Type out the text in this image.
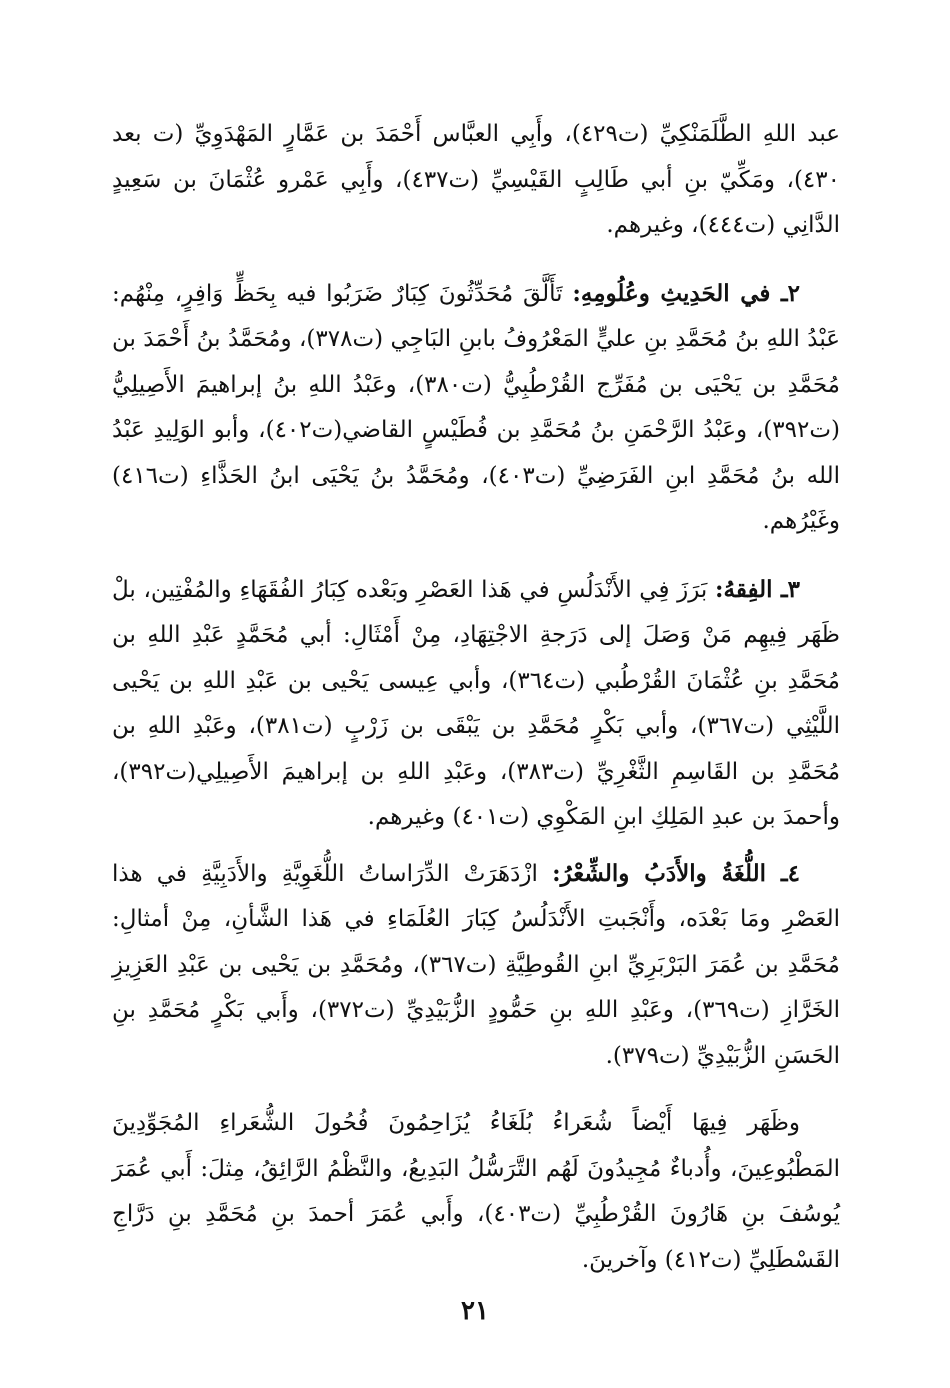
عبد اللهِ الطَّلَمَنْكِيِّ (ت٤٢٩)، وأَبِي العبَّاس أَحْمَدَ بن عَمَّارٍ المَهْدَوِيِّ (ت بعد ٤٣٠)، ومَكِّيّ بنِ أبي طَالِبٍ القَيْسِيِّ (ت٤٣٧)، وأَبِي عَمْرو عُثْمَانَ بن سَعِيدٍ الدَّانِي (ت٤٤٤)، وغيرهم.

٢ـ في الحَدِيثِ وعُلُومِهِ: تَأَلَّقَ مُحَدِّثُونَ كِبَارٌ ضَرَبُوا فيه بِحَظٍّ وَافِرٍ، مِنْهُم: عَبْدُ اللهِ بنُ مُحَمَّدِ بنِ عليٍّ المَعْرُوفُ بابنِ البَاجِي (ت٣٧٨)، ومُحَمَّدُ بنُ أَحْمَدَ بن مُحَمَّدِ بن يَحْيَى بن مُفَرِّج القُرْطُبِيُّ (ت٣٨٠)، وعَبْدُ اللهِ بنُ إبراهيمَ الأَصِيلِيُّ (ت٣٩٢)، وعَبْدُ الرَّحْمَنِ بنُ مُحَمَّدِ بن فُطَيْسٍ القاضي(ت٤٠٢)، وأبو الوَلِيدِ عَبْدُ الله بنُ مُحَمَّدِ ابنِ الفَرَضِيِّ (ت٤٠٣)، ومُحَمَّدُ بنُ يَحْيَى ابنُ الحَذَّاءِ (ت٤١٦) وغَيْرُهم.

٣ـ الفِقهُ: بَرَزَ فِي الأَنْدَلُسِ في هَذا العَصْرِ وبَعْده كِبَارُ الفُقَهَاءِ والمُفْتِين، بلْ ظَهَر فِيهِم مَنْ وَصَلَ إلى دَرَجةِ الاجْتِهَادِ، مِنْ أَمْثَالِ: أبي مُحَمَّدٍ عَبْدِ اللهِ بن مُحَمَّدِ بنِ عُثْمَانَ القُرْطُبي (ت٣٦٤)، وأبي عِيسى يَحْيى بن عَبْدِ اللهِ بن يَحْيى اللَّيْثِي (ت٣٦٧)، وأبي بَكْرٍ مُحَمَّدِ بن يَبْقَى بن زَرْبٍ (ت٣٨١)، وعَبْدِ اللهِ بن مُحَمَّدِ بن القَاسِمِ الثَّغْرِيِّ (ت٣٨٣)، وعَبْدِ اللهِ بن إبراهيمَ الأَصِيلِي(ت٣٩٢)، وأحمدَ بن عبدِ المَلِكِ ابنِ المَكْوِي (ت٤٠١) وغيرهم.

٤ـ اللُّغَةُ والأَدَبُ والشِّعْرُ: ازْدَهَرَتْ الدِّرَاساتُ اللُّغَوِيَّةِ والأَدَبِيَّةِ في هذا العَصْرِ ومَا بَعْدَه، وأَنْجَبتِ الأَنْدَلُسُ كِبَارَ العُلَمَاءِ في هَذا الشَّأنِ، مِنْ أمثالِ: مُحَمَّدِ بن عُمَرَ البَرْبَرِيِّ ابنِ القُوطِيَّةِ (ت٣٦٧)، ومُحَمَّدِ بن يَحْيى بن عَبْدِ العَزِيزِ الخَرَّازِ (ت٣٦٩)، وعَبْدِ اللهِ بنِ حَمُّودٍ الزُّبَيْدِيِّ (ت٣٧٢)، وأَبي بَكْرٍ مُحَمَّدِ بنِ الحَسَنِ الزُّبَيْدِيِّ (ت٣٧٩).

وظَهَر فِيهَا أَيْضاً شُعَراءُ بُلَغَاءُ يُزَاحِمُونَ فُحُولَ الشُّعَراءِ المُجَوِّدِينَ المَطْبُوعِينَ، وأُدباءٌ مُجِيدُونَ لَهُم التَّرَسُّلُ البَدِيعُ، والنَّظْمُ الرَّائِقُ، مِثلَ: أَبي عُمَرَ يُوسُفَ بنِ هَارُونَ القُرْطُبِيِّ (ت٤٠٣)، وأَبي عُمَرَ أحمدَ بنِ مُحَمَّدِ بنِ دَرَّاجِ القَسْطَلِيِّ (ت٤١٢) وآخرينَ.

٢١
